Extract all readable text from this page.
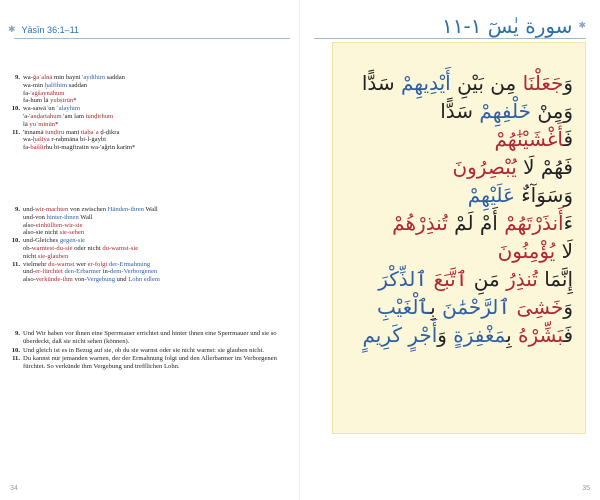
✱ Yāsīn 36:1–11
9. wa-ǧaʿalnā min bayni 'aydīhim saddan
wa-min ḫalfihim saddan
fa-'aġšaynāhum
fa-hum lā yubṣirūn*
10. wa-sawāʾun ʿalayhim
'a-'anḏartahum 'am lam tunḏirhum
lā yuʾminūn*
11. 'innamā tunḏiru mani ttabaʿa ḏ-ḏikra
wa-ḫašiya r-raḥmāna bi-l-ġaybi
fa-bašširhu bi-maġfiratin wa-'aǧrin karīm*
9. und-wir-machten von zwischen Händen-ihren Wall
und-von hinter-ihnen Wall
also-einhüllten-wir-sie
also-sie nicht sie-sehen
10. und-Gleiches gegen-sie
ob-warntest-du-sie oder nicht du-warnst-sie
nicht sie-glauben
11. vielmehr du-warnst wer er-folgt der-Ermahnung
und-er-fürchtet den-Erbarmer in-dem-Verborgenen
also-verkünde-ihm von-Vergebung und Lohn edlem
9. Und Wir haben vor ihnen eine Sperrmauer errichtet und hinter ihnen eine Sperrmauer und sie so überdeckt, daß sie nicht sehen (können).
10. Und gleich ist es in Bezug auf sie, ob du sie warnst oder sie nicht warnst: sie glauben nicht.
11. Du kannst nur jemanden warnen, der der Ermahnung folgt und den Allerbarmer im Verborgenen fürchtet. So verkünde ihm Vergebung und trefflichen Lohn.
34
✱
سورة يٰسٓ ١-١١
وَجَعَلْنَا مِن بَيْنِ أَيْدِيهِمْ سَدًّا
وَمِنْ خَلْفِهِمْ سَدًّا
فَأَغْشَيْنَٰهُمْ
فَهُمْ لَا يُبْصِرُونَ
وَسَوَآءٌ عَلَيْهِمْ
ءَأَنذَرْتَهُمْ أَمْ لَمْ تُنذِرْهُمْ
لَا يُؤْمِنُونَ
إِنَّمَا تُنذِرُ مَنِ ٱتَّبَعَ ٱلذِّكْرَ
وَخَشِىَ ٱلرَّحْمَٰنَ بِٱلْغَيْبِ
فَبَشِّرْهُ بِمَغْفِرَةٍ وَأَجْرٍ كَرِيمٍ
35
